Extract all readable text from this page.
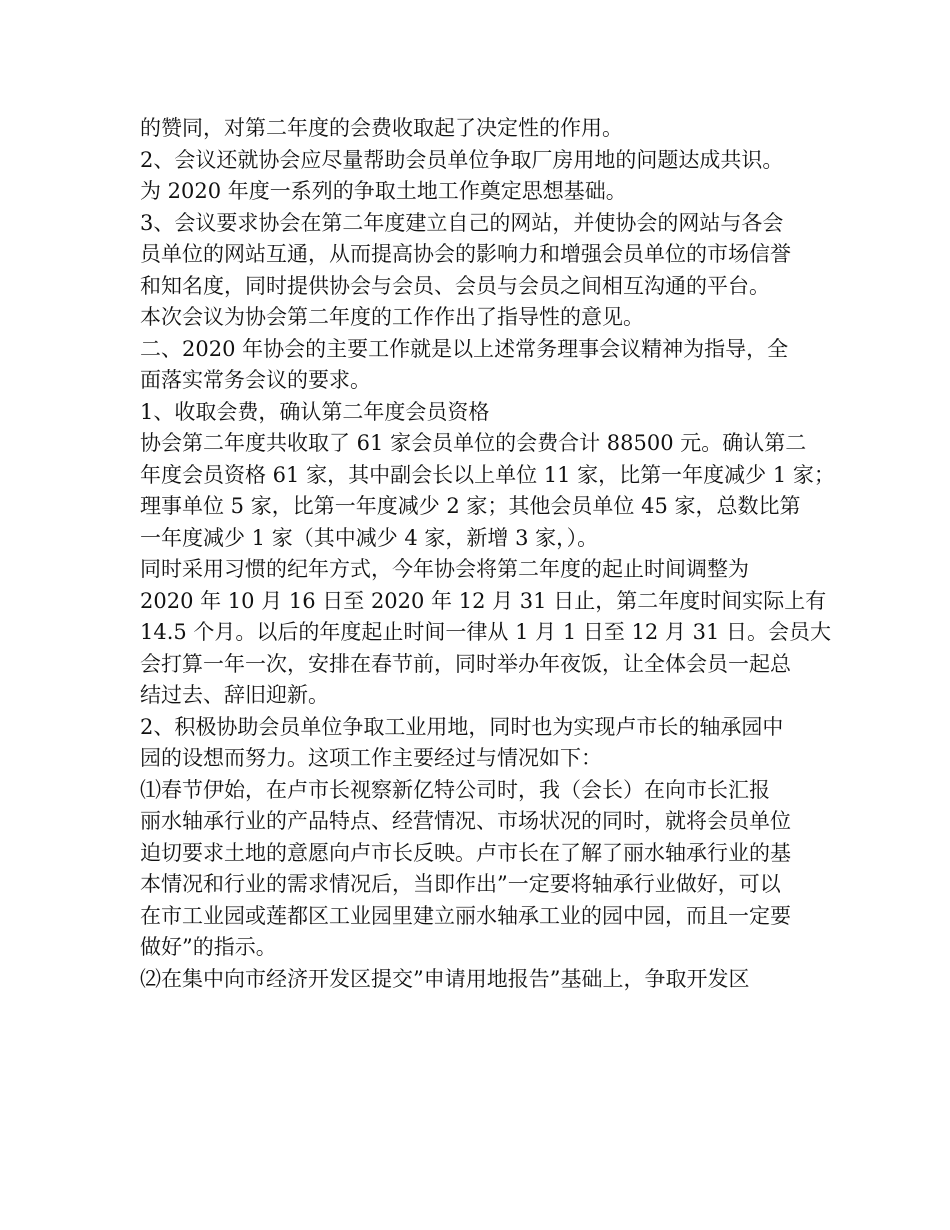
的赞同，对第二年度的会费收取起了决定性的作用。
2、会议还就协会应尽量帮助会员单位争取厂房用地的问题达成共识。
为 2020 年度一系列的争取土地工作奠定思想基础。
3、会议要求协会在第二年度建立自己的网站，并使协会的网站与各会
员单位的网站互通，从而提高协会的影响力和增强会员单位的市场信誉
和知名度，同时提供协会与会员、会员与会员之间相互沟通的平台。
本次会议为协会第二年度的工作作出了指导性的意见。
二、2020 年协会的主要工作就是以上述常务理事会议精神为指导，全
面落实常务会议的要求。
1、收取会费，确认第二年度会员资格
协会第二年度共收取了 61 家会员单位的会费合计 88500 元。确认第二
年度会员资格 61 家，其中副会长以上单位 11 家，比第一年度减少 1 家；
理事单位 5 家，比第一年度减少 2 家；其他会员单位 45 家，总数比第
一年度减少 1 家（其中减少 4 家，新增 3 家，）。
同时采用习惯的纪年方式，今年协会将第二年度的起止时间调整为
2020 年 10 月 16 日至 2020 年 12 月 31 日止，第二年度时间实际上有
14.5 个月。以后的年度起止时间一律从 1 月 1 日至 12 月 31 日。会员大
会打算一年一次，安排在春节前，同时举办年夜饭，让全体会员一起总
结过去、辞旧迎新。
2、积极协助会员单位争取工业用地，同时也为实现卢市长的轴承园中
园的设想而努力。这项工作主要经过与情况如下：
⑴春节伊始，在卢市长视察新亿特公司时，我（会长）在向市长汇报
丽水轴承行业的产品特点、经营情况、市场状况的同时，就将会员单位
迫切要求土地的意愿向卢市长反映。卢市长在了解了丽水轴承行业的基
本情况和行业的需求情况后，当即作出”一定要将轴承行业做好，可以
在市工业园或莲都区工业园里建立丽水轴承工业的园中园，而且一定要
做好”的指示。
⑵在集中向市经济开发区提交”申请用地报告”基础上，争取开发区
